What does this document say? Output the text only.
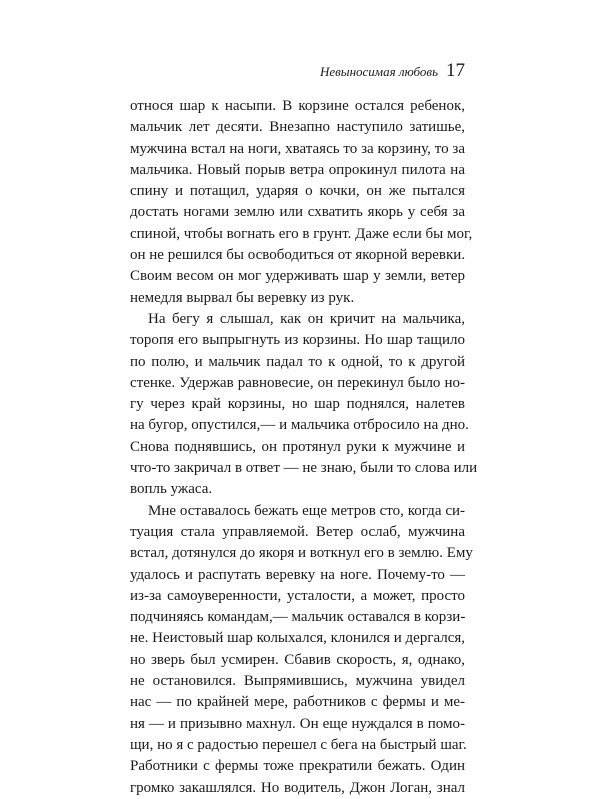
Невыносимая любовь 17
относя шар к насыпи. В корзине остался ребенок,
мальчик лет десяти. Внезапно наступило затишье,
мужчина встал на ноги, хватаясь то за корзину, то за
мальчика. Новый порыв ветра опрокинул пилота на
спину и потащил, ударяя о кочки, он же пытался
достать ногами землю или схватить якорь у себя за
спиной, чтобы вогнать его в грунт. Даже если бы мог,
он не решился бы освободиться от якорной веревки.
Своим весом он мог удерживать шар у земли, ветер
немедля вырвал бы веревку из рук.
На бегу я слышал, как он кричит на мальчика,
торопя его выпрыгнуть из корзины. Но шар тащило
по полю, и мальчик падал то к одной, то к другой
стенке. Удержав равновесие, он перекинул было но-
гу через край корзины, но шар поднялся, налетев
на бугор, опустился,— и мальчика отбросило на дно.
Снова поднявшись, он протянул руки к мужчине и
что-то закричал в ответ — не знаю, были то слова или
вопль ужаса.
Мне оставалось бежать еще метров сто, когда си-
туация стала управляемой. Ветер ослаб, мужчина
встал, дотянулся до якоря и воткнул его в землю. Ему
удалось и распутать веревку на ноге. Почему-то —
из-за самоуверенности, усталости, а может, просто
подчиняясь командам,— мальчик оставался в корзи-
не. Неистовый шар колыхался, клонился и дергался,
но зверь был усмирен. Сбавив скорость, я, однако,
не остановился. Выпрямившись, мужчина увидел
нас — по крайней мере, работников с фермы и ме-
ня — и призывно махнул. Он еще нуждался в помо-
щи, но я с радостью перешел с бега на быстрый шаг.
Работники с фермы тоже прекратили бежать. Один
громко закашлялся. Но водитель, Джон Логан, знал
